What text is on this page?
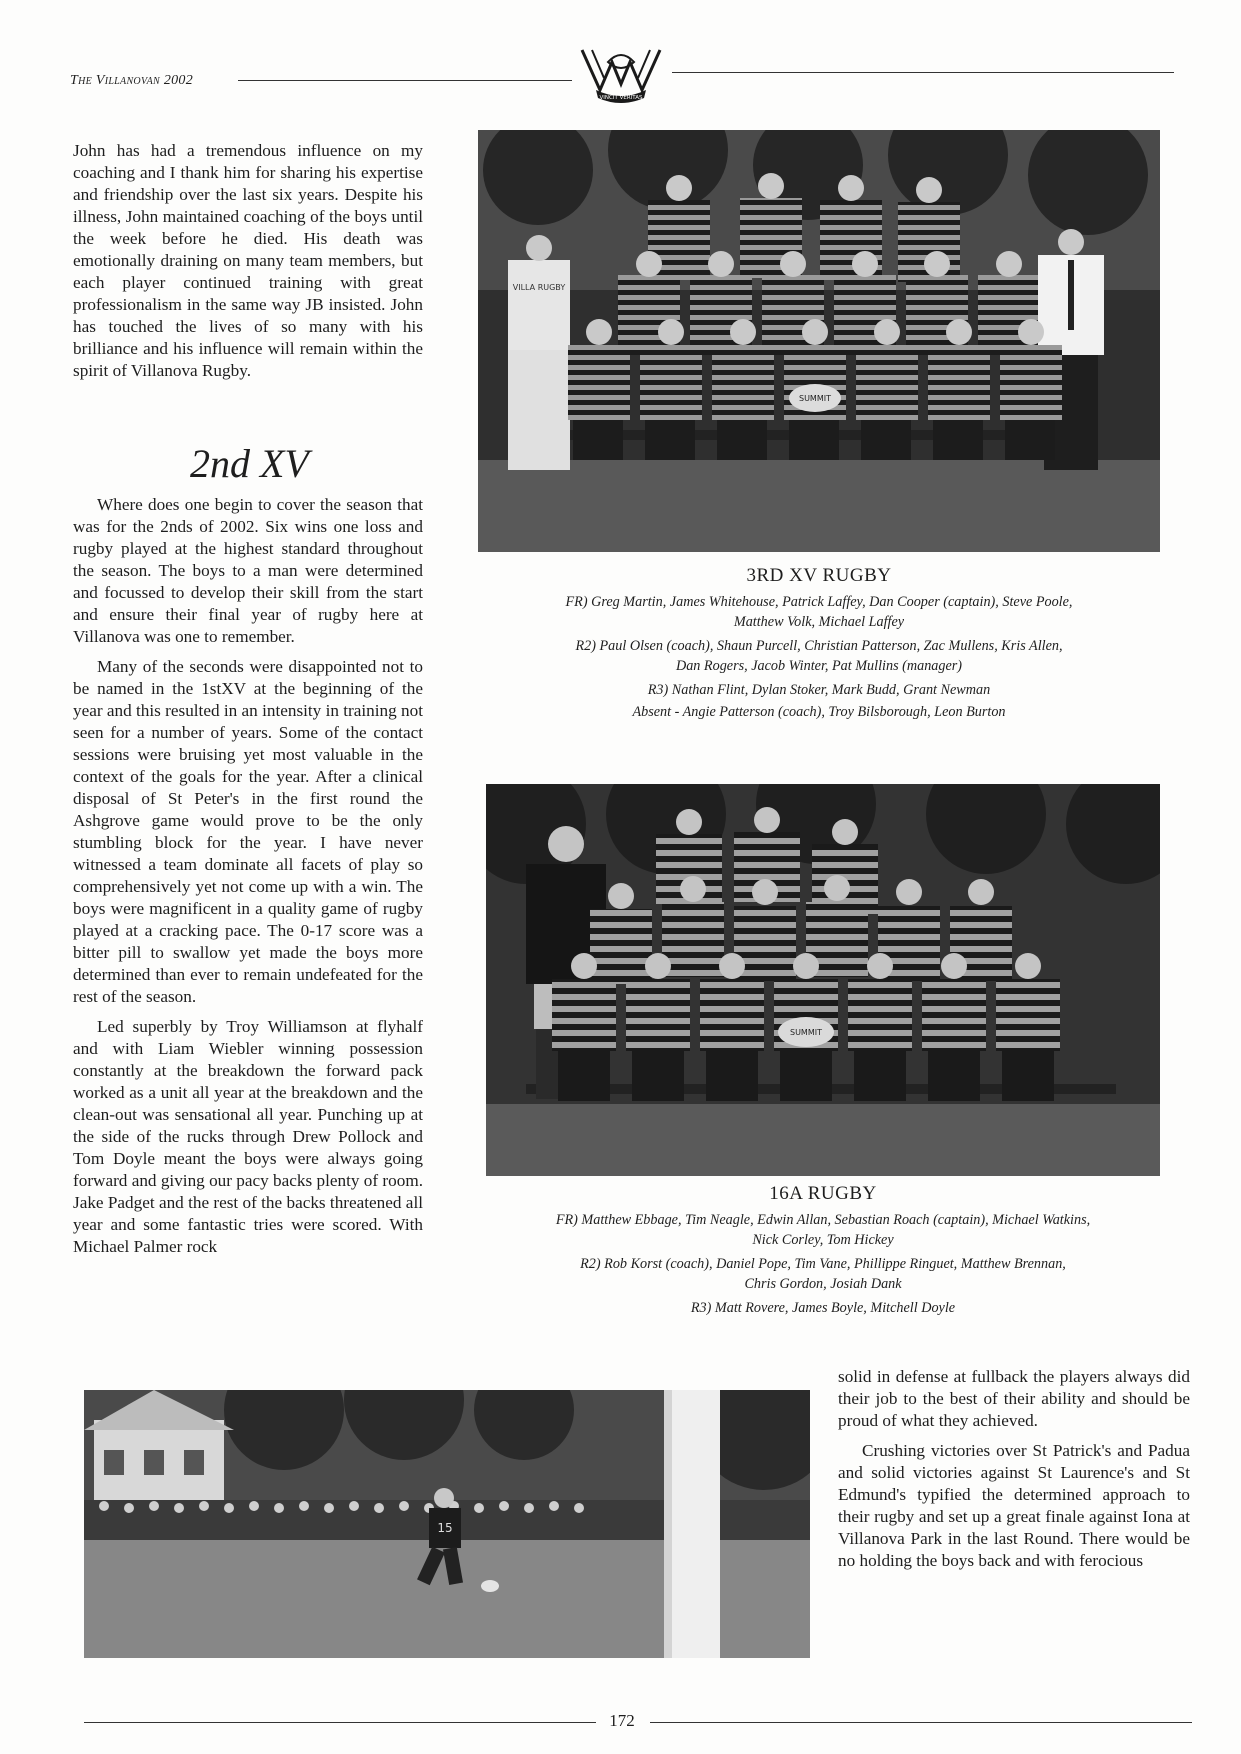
The Villanovan 2002
VINCIT VERITAS

John has had a tremendous influence on my coaching and I thank him for sharing his expertise and friendship over the last six years. Despite his illness, John maintained coaching of the boys until the week before he died. His death was emotionally draining on many team members, but each player continued training with great professionalism in the same way JB insisted. John has touched the lives of so many with his brilliance and his influence will remain within the spirit of Villanova Rugby.

2nd XV

Where does one begin to cover the season that was for the 2nds of 2002. Six wins one loss and rugby played at the highest standard throughout the season. The boys to a man were determined and focussed to develop their skill from the start and ensure their final year of rugby here at Villanova was one to remember.

Many of the seconds were disappointed not to be named in the 1stXV at the beginning of the year and this resulted in an intensity in training not seen for a number of years. Some of the contact sessions were bruising yet most valuable in the context of the goals for the year. After a clinical disposal of St Peter's in the first round the Ashgrove game would prove to be the only stumbling block for the year. I have never witnessed a team dominate all facets of play so comprehensively yet not come up with a win. The boys were magnificent in a quality game of rugby played at a cracking pace. The 0-17 score was a bitter pill to swallow yet made the boys more determined than ever to remain undefeated for the rest of the season.

Led superbly by Troy Williamson at flyhalf and with Liam Wiebler winning possession constantly at the breakdown the forward pack worked as a unit all year at the breakdown and the clean-out was sensational all year. Punching up at the side of the rucks through Drew Pollock and Tom Doyle meant the boys were always going forward and giving our pacy backs plenty of room. Jake Padget and the rest of the backs threatened all year and some fantastic tries were scored. With Michael Palmer rock

VILLA RUGBY
SUMMIT
3RD XV RUGBY
FR) Greg Martin, James Whitehouse, Patrick Laffey, Dan Cooper (captain), Steve Poole,
Matthew Volk, Michael Laffey
R2) Paul Olsen (coach), Shaun Purcell, Christian Patterson, Zac Mullens, Kris Allen,
Dan Rogers, Jacob Winter, Pat Mullins (manager)
R3) Nathan Flint, Dylan Stoker, Mark Budd, Grant Newman
Absent - Angie Patterson (coach), Troy Bilsborough, Leon Burton
SUMMIT
16A RUGBY
FR) Matthew Ebbage, Tim Neagle, Edwin Allan, Sebastian Roach (captain), Michael Watkins,
Nick Corley, Tom Hickey
R2) Rob Korst (coach), Daniel Pope, Tim Vane, Phillippe Ringuet, Matthew Brennan,
Chris Gordon, Josiah Dank
R3) Matt Rovere, James Boyle, Mitchell Doyle
15

solid in defense at fullback the players always did their job to the best of their ability and should be proud of what they achieved.

Crushing victories over St Patrick's and Padua and solid victories against St Laurence's and St Edmund's typified the determined approach to their rugby and set up a great finale against Iona at Villanova Park in the last Round. There would be no holding the boys back and with ferocious

172
